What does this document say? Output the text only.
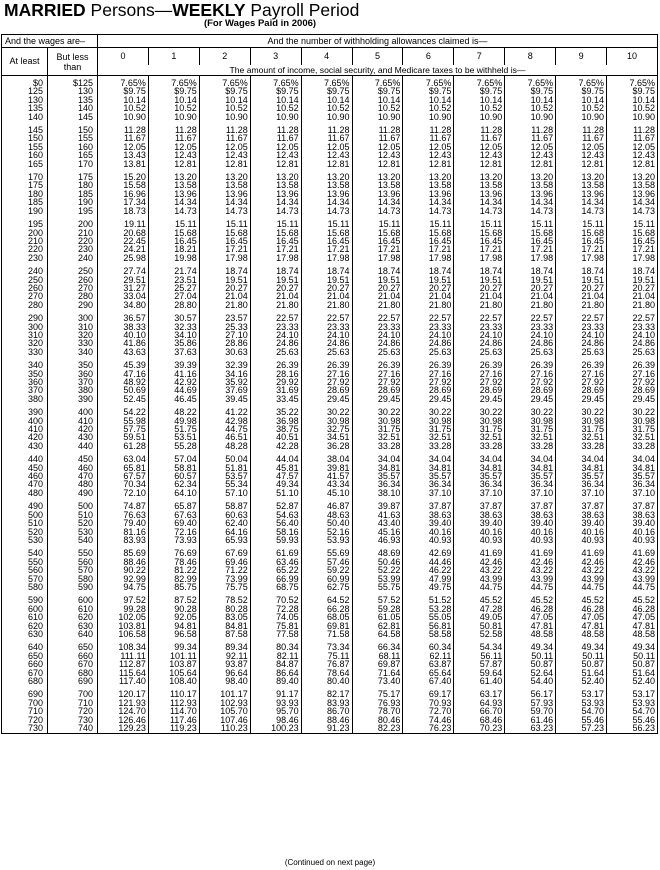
MARRIED Persons—WEEKLY Payroll Period
(For Wages Paid in 2006)
And the wages are–		And the number of withholding allowances claimed is—										
At least	But less than	0	1	2	3	4	5	6	7	8	9	10
		The amount of income, social security, and Medicare taxes to be withheld is—										
$0	$125	7.65%	7.65%	7.65%	7.65%	7.65%	7.65%	7.65%	7.65%	7.65%	7.65%	7.65%
125	130	$9.75	$9.75	$9.75	$9.75	$9.75	$9.75	$9.75	$9.75	$9.75	$9.75	$9.75
130	135	10.14	10.14	10.14	10.14	10.14	10.14	10.14	10.14	10.14	10.14	10.14
135	140	10.52	10.52	10.52	10.52	10.52	10.52	10.52	10.52	10.52	10.52	10.52
140	145	10.90	10.90	10.90	10.90	10.90	10.90	10.90	10.90	10.90	10.90	10.90
145	150	11.28	11.28	11.28	11.28	11.28	11.28	11.28	11.28	11.28	11.28	11.28
150	155	11.67	11.67	11.67	11.67	11.67	11.67	11.67	11.67	11.67	11.67	11.67
155	160	12.05	12.05	12.05	12.05	12.05	12.05	12.05	12.05	12.05	12.05	12.05
160	165	13.43	12.43	12.43	12.43	12.43	12.43	12.43	12.43	12.43	12.43	12.43
165	170	13.81	12.81	12.81	12.81	12.81	12.81	12.81	12.81	12.81	12.81	12.81
170	175	15.20	13.20	13.20	13.20	13.20	13.20	13.20	13.20	13.20	13.20	13.20
175	180	15.58	13.58	13.58	13.58	13.58	13.58	13.58	13.58	13.58	13.58	13.58
180	185	16.96	13.96	13.96	13.96	13.96	13.96	13.96	13.96	13.96	13.96	13.96
185	190	17.34	14.34	14.34	14.34	14.34	14.34	14.34	14.34	14.34	14.34	14.34
190	195	18.73	14.73	14.73	14.73	14.73	14.73	14.73	14.73	14.73	14.73	14.73
195	200	19.11	15.11	15.11	15.11	15.11	15.11	15.11	15.11	15.11	15.11	15.11
200	210	20.68	15.68	15.68	15.68	15.68	15.68	15.68	15.68	15.68	15.68	15.68
210	220	22.45	16.45	16.45	16.45	16.45	16.45	16.45	16.45	16.45	16.45	16.45
220	230	24.21	18.21	17.21	17.21	17.21	17.21	17.21	17.21	17.21	17.21	17.21
230	240	25.98	19.98	17.98	17.98	17.98	17.98	17.98	17.98	17.98	17.98	17.98
240	250	27.74	21.74	18.74	18.74	18.74	18.74	18.74	18.74	18.74	18.74	18.74
250	260	29.51	23.51	19.51	19.51	19.51	19.51	19.51	19.51	19.51	19.51	19.51
260	270	31.27	25.27	20.27	20.27	20.27	20.27	20.27	20.27	20.27	20.27	20.27
270	280	33.04	27.04	21.04	21.04	21.04	21.04	21.04	21.04	21.04	21.04	21.04
280	290	34.80	28.80	21.80	21.80	21.80	21.80	21.80	21.80	21.80	21.80	21.80
290	300	36.57	30.57	23.57	22.57	22.57	22.57	22.57	22.57	22.57	22.57	22.57
300	310	38.33	32.33	25.33	23.33	23.33	23.33	23.33	23.33	23.33	23.33	23.33
310	320	40.10	34.10	27.10	24.10	24.10	24.10	24.10	24.10	24.10	24.10	24.10
320	330	41.86	35.86	28.86	24.86	24.86	24.86	24.86	24.86	24.86	24.86	24.86
330	340	43.63	37.63	30.63	25.63	25.63	25.63	25.63	25.63	25.63	25.63	25.63
340	350	45.39	39.39	32.39	26.39	26.39	26.39	26.39	26.39	26.39	26.39	26.39
350	360	47.16	41.16	34.16	28.16	27.16	27.16	27.16	27.16	27.16	27.16	27.16
360	370	48.92	42.92	35.92	29.92	27.92	27.92	27.92	27.92	27.92	27.92	27.92
370	380	50.69	44.69	37.69	31.69	28.69	28.69	28.69	28.69	28.69	28.69	28.69
380	390	52.45	46.45	39.45	33.45	29.45	29.45	29.45	29.45	29.45	29.45	29.45
390	400	54.22	48.22	41.22	35.22	30.22	30.22	30.22	30.22	30.22	30.22	30.22
400	410	55.98	49.98	42.98	36.98	30.98	30.98	30.98	30.98	30.98	30.98	30.98
410	420	57.75	51.75	44.75	38.75	32.75	31.75	31.75	31.75	31.75	31.75	31.75
420	430	59.51	53.51	46.51	40.51	34.51	32.51	32.51	32.51	32.51	32.51	32.51
430	440	61.28	55.28	48.28	42.28	36.28	33.28	33.28	33.28	33.28	33.28	33.28
440	450	63.04	57.04	50.04	44.04	38.04	34.04	34.04	34.04	34.04	34.04	34.04
450	460	65.81	58.81	51.81	45.81	39.81	34.81	34.81	34.81	34.81	34.81	34.81
460	470	67.57	60.57	53.57	47.57	41.57	35.57	35.57	35.57	35.57	35.57	35.57
470	480	70.34	62.34	55.34	49.34	43.34	36.34	36.34	36.34	36.34	36.34	36.34
480	490	72.10	64.10	57.10	51.10	45.10	38.10	37.10	37.10	37.10	37.10	37.10
490	500	74.87	65.87	58.87	52.87	46.87	39.87	37.87	37.87	37.87	37.87	37.87
500	510	76.63	67.63	60.63	54.63	48.63	41.63	38.63	38.63	38.63	38.63	38.63
510	520	79.40	69.40	62.40	56.40	50.40	43.40	39.40	39.40	39.40	39.40	39.40
520	530	81.16	72.16	64.16	58.16	52.16	45.16	40.16	40.16	40.16	40.16	40.16
530	540	83.93	73.93	65.93	59.93	53.93	46.93	40.93	40.93	40.93	40.93	40.93
540	550	85.69	76.69	67.69	61.69	55.69	48.69	42.69	41.69	41.69	41.69	41.69
550	560	88.46	78.46	69.46	63.46	57.46	50.46	44.46	42.46	42.46	42.46	42.46
560	570	90.22	81.22	71.22	65.22	59.22	52.22	46.22	43.22	43.22	43.22	43.22
570	580	92.99	82.99	73.99	66.99	60.99	53.99	47.99	43.99	43.99	43.99	43.99
580	590	94.75	85.75	75.75	68.75	62.75	55.75	49.75	44.75	44.75	44.75	44.75
590	600	97.52	87.52	78.52	70.52	64.52	57.52	51.52	45.52	45.52	45.52	45.52
600	610	99.28	90.28	80.28	72.28	66.28	59.28	53.28	47.28	46.28	46.28	46.28
610	620	102.05	92.05	83.05	74.05	68.05	61.05	55.05	49.05	47.05	47.05	47.05
620	630	103.81	94.81	84.81	75.81	69.81	62.81	56.81	50.81	47.81	47.81	47.81
630	640	106.58	96.58	87.58	77.58	71.58	64.58	58.58	52.58	48.58	48.58	48.58
640	650	108.34	99.34	89.34	80.34	73.34	66.34	60.34	54.34	49.34	49.34	49.34
650	660	111.11	101.11	92.11	82.11	75.11	68.11	62.11	56.11	50.11	50.11	50.11
660	670	112.87	103.87	93.87	84.87	76.87	69.87	63.87	57.87	50.87	50.87	50.87
670	680	115.64	105.64	96.64	86.64	78.64	71.64	65.64	59.64	52.64	51.64	51.64
680	690	117.40	108.40	98.40	89.40	80.40	73.40	67.40	61.40	54.40	52.40	52.40
690	700	120.17	110.17	101.17	91.17	82.17	75.17	69.17	63.17	56.17	53.17	53.17
700	710	121.93	112.93	102.93	93.93	83.93	76.93	70.93	64.93	57.93	53.93	53.93
710	720	124.70	114.70	105.70	95.70	86.70	78.70	72.70	66.70	59.70	54.70	54.70
720	730	126.46	117.46	107.46	98.46	88.46	80.46	74.46	68.46	61.46	55.46	55.46
730	740	129.23	119.23	110.23	100.23	91.23	82.23	76.23	70.23	63.23	57.23	56.23
(Continued on next page)
